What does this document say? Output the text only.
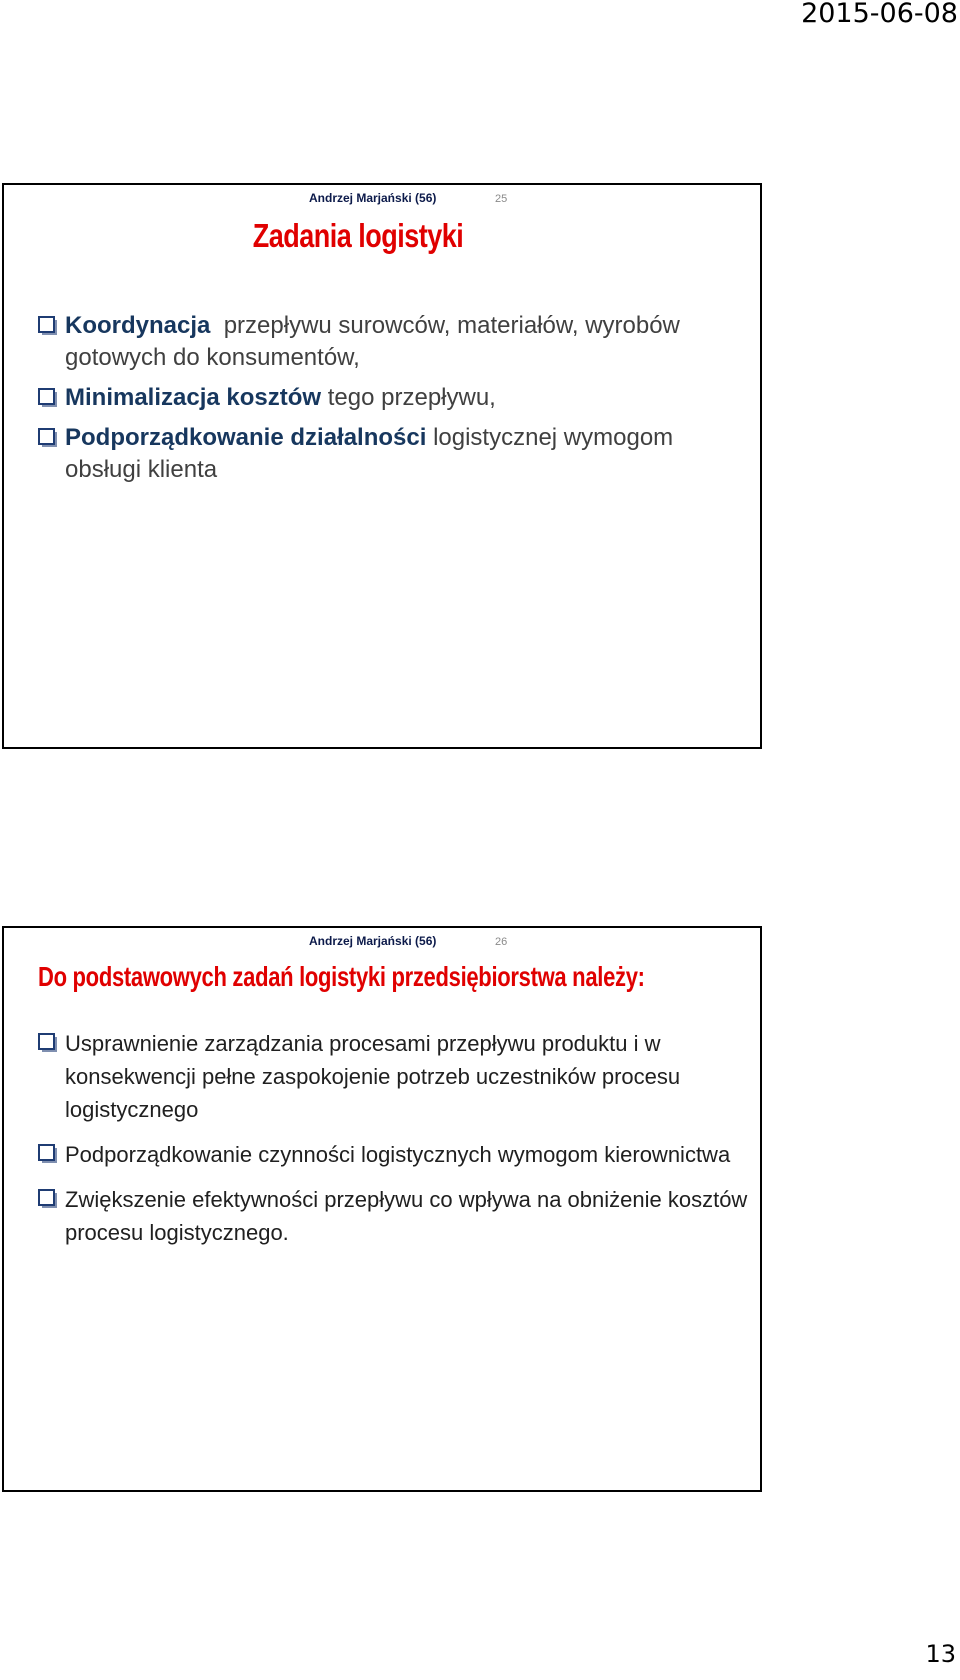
2015-06-08
Andrzej Marjański (56)	25
Zadania logistyki
Koordynacja  przepływu surowców, materiałów, wyrobów gotowych do konsumentów,
Minimalizacja kosztów tego przepływu,
Podporządkowanie działalności logistycznej wymogom obsługi klienta
Andrzej Marjański (56)	26
Do podstawowych zadań logistyki przedsiębiorstwa należy:
Usprawnienie zarządzania procesami przepływu produktu i w konsekwencji pełne zaspokojenie potrzeb uczestników procesu logistycznego
Podporządkowanie czynności logistycznych wymogom kierownictwa
Zwiększenie efektywności przepływu co wpływa na obniżenie kosztów procesu logistycznego.
13
